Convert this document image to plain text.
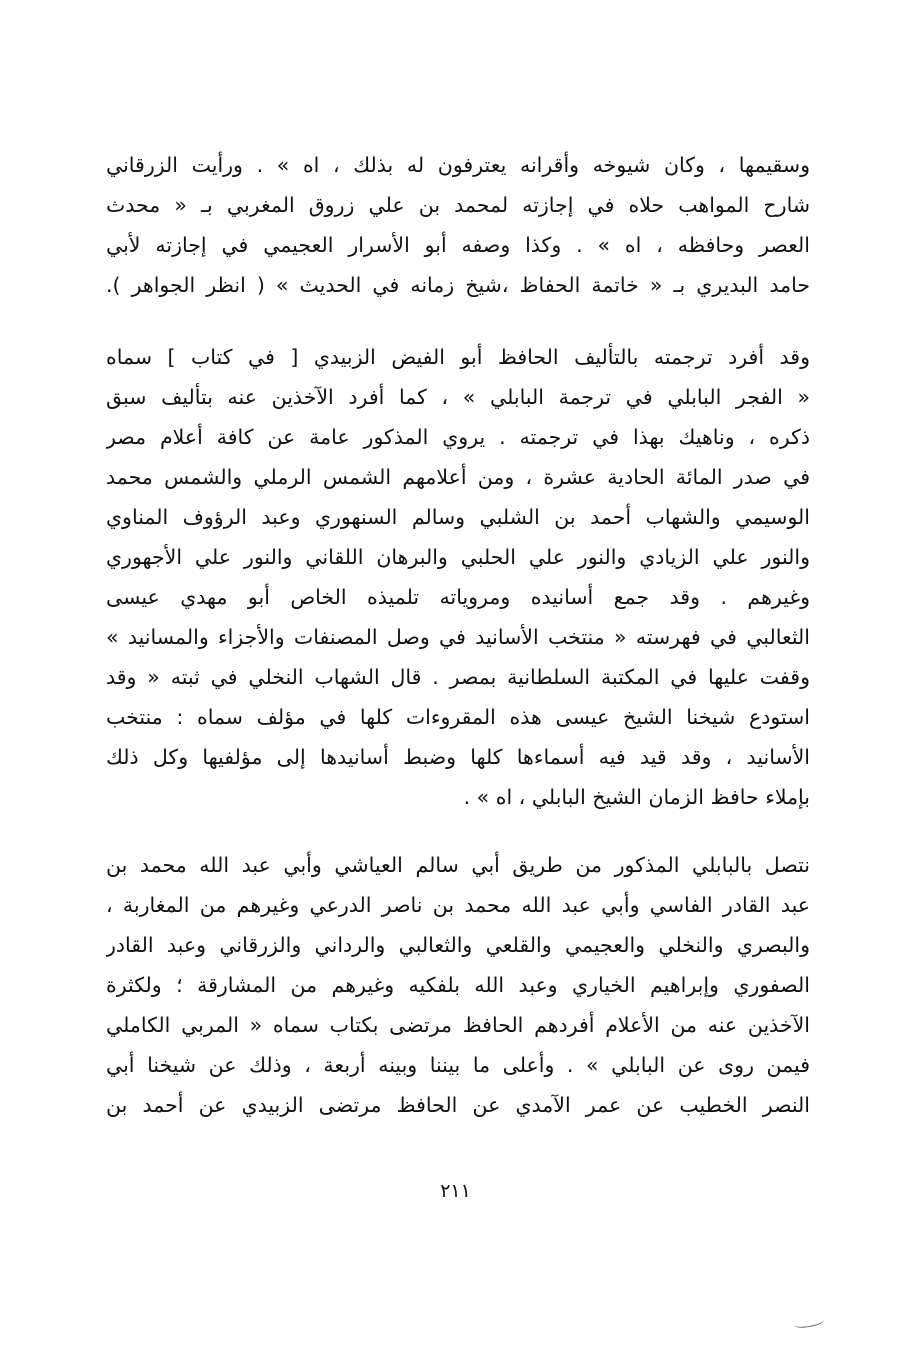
وسقيمها ، وكان شيوخه وأقرانه يعترفون له بذلك ، اه » . ورأيت الزرقاني
شارح المواهب حلاه في إجازته لمحمد بن علي زروق المغربي بـ « محدث
العصر وحافظه ، اه » . وكذا وصفه أبو الأسرار العجيمي في إجازته لأبي
حامد البديري بـ « خاتمة الحفاظ ،شيخ زمانه في الحديث » ( انظر الجواهر ).
وقد أفرد ترجمته بالتأليف الحافظ أبو الفيض الزبيدي [ في كتاب ] سماه
« الفجر البابلي في ترجمة البابلي » ، كما أفرد الآخذين عنه بتأليف سبق
ذكره ، وناهيك بهذا في ترجمته . يروي المذكور عامة عن كافة أعلام مصر
في صدر المائة الحادية عشرة ، ومن أعلامهم الشمس الرملي والشمس محمد
الوسيمي والشهاب أحمد بن الشلبي وسالم السنهوري وعبد الرؤوف المناوي
والنور علي الزيادي والنور علي الحلبي والبرهان اللقاني والنور علي الأجهوري
وغيرهم . وقد جمع أسانيده ومروياته تلميذه الخاص أبو مهدي عيسى
الثعالبي في فهرسته « منتخب الأسانيد في وصل المصنفات والأجزاء والمسانيد »
وقفت عليها في المكتبة السلطانية بمصر . قال الشهاب النخلي في ثبته « وقد
استودع شيخنا الشيخ عيسى هذه المقروءات كلها في مؤلف سماه : منتخب
الأسانيد ، وقد قيد فيه أسماءها كلها وضبط أسانيدها إلى مؤلفيها وكل ذلك
بإملاء حافظ الزمان الشيخ البابلي ، اه » .
نتصل بالبابلي المذكور من طريق أبي سالم العياشي وأبي عبد الله محمد بن
عبد القادر الفاسي وأبي عبد الله محمد بن ناصر الدرعي وغيرهم من المغاربة ،
والبصري والنخلي والعجيمي والقلعي والثعالبي والرداني والزرقاني وعبد القادر
الصفوري وإبراهيم الخياري وعبد الله بلفكيه وغيرهم من المشارقة ؛ ولكثرة
الآخذين عنه من الأعلام أفردهم الحافظ مرتضى بكتاب سماه « المربي الكاملي
فيمن روى عن البابلي » . وأعلى ما بيننا وبينه أربعة ، وذلك عن شيخنا أبي
النصر الخطيب عن عمر الآمدي عن الحافظ مرتضى الزبيدي عن أحمد بن
٢١١
